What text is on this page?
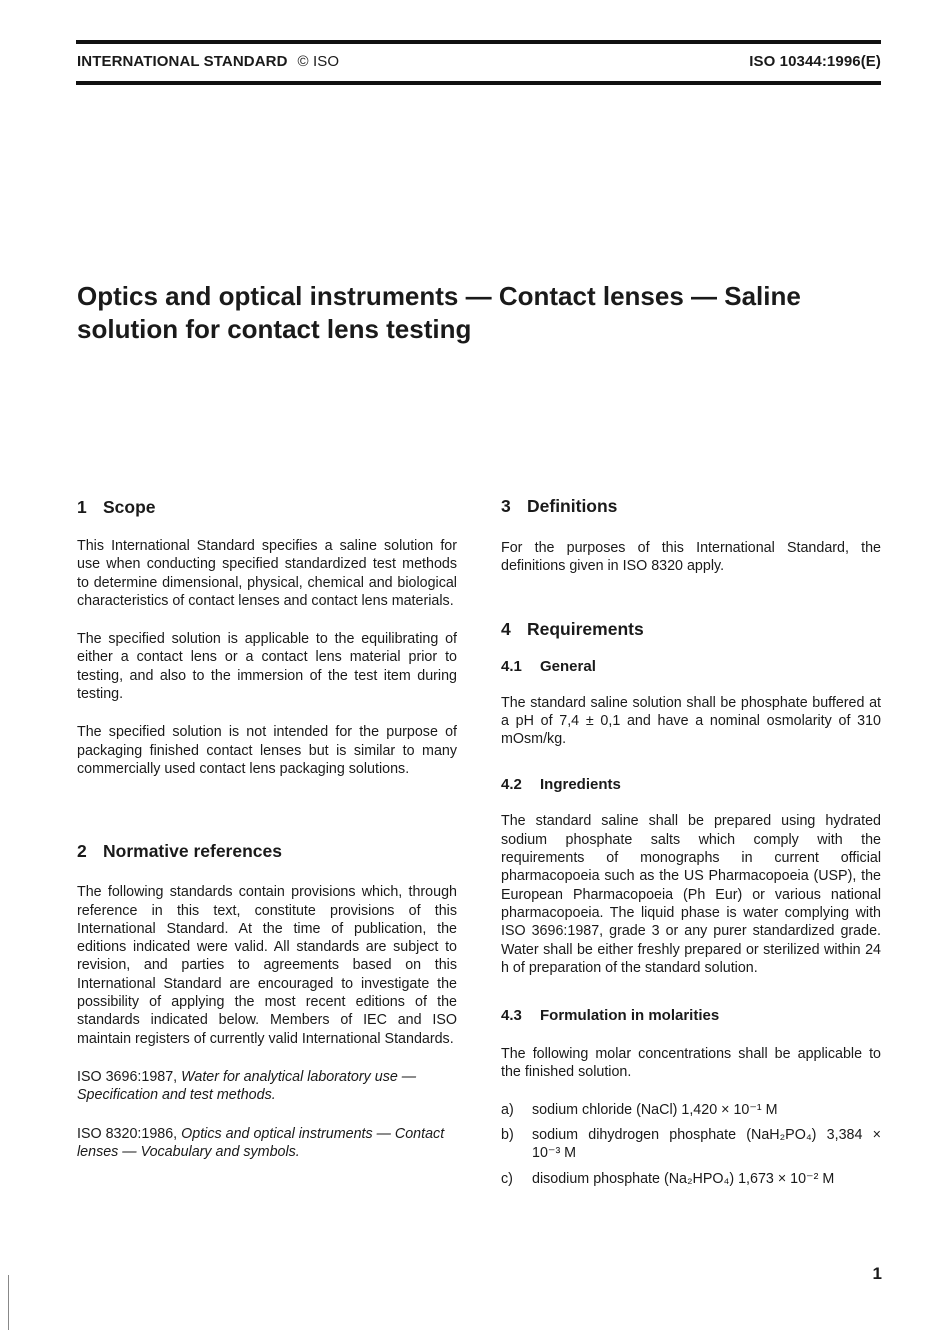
INTERNATIONAL STANDARD © ISO	ISO 10344:1996(E)
Optics and optical instruments — Contact lenses — Saline
solution for contact lens testing
1 Scope

This International Standard specifies a saline solution for use when conducting specified standardized test methods to determine dimensional, physical, chemical and biological characteristics of contact lenses and contact lens materials.

The specified solution is applicable to the equilibrating of either a contact lens or a contact lens material prior to testing, and also to the immersion of the test item during testing.

The specified solution is not intended for the purpose of packaging finished contact lenses but is similar to many commercially used contact lens packaging solutions.

2 Normative references

The following standards contain provisions which, through reference in this text, constitute provisions of this International Standard. At the time of publication, the editions indicated were valid. All standards are subject to revision, and parties to agreements based on this International Standard are encouraged to investigate the possibility of applying the most recent editions of the standards indicated below. Members of IEC and ISO maintain registers of currently valid International Standards.

ISO 3696:1987, Water for analytical laboratory use — Specification and test methods.

ISO 8320:1986, Optics and optical instruments — Contact lenses — Vocabulary and symbols.

3 Definitions

For the purposes of this International Standard, the definitions given in ISO 8320 apply.

4 Requirements
4.1 General

The standard saline solution shall be phosphate buffered at a pH of 7,4 ± 0,1 and have a nominal osmolarity of 310 mOsm/kg.

4.2 Ingredients

The standard saline shall be prepared using hydrated sodium phosphate salts which comply with the requirements of monographs in current official pharmacopoeia such as the US Pharmacopoeia (USP), the European Pharmacopoeia (Ph Eur) or various national pharmacopoeia. The liquid phase is water complying with ISO 3696:1987, grade 3 or any purer standardized grade. Water shall be either freshly prepared or sterilized within 24 h of preparation of the standard solution.

4.3 Formulation in molarities

The following molar concentrations shall be applicable to the finished solution.

a)	sodium chloride (NaCl) 1,420 × 10⁻¹ M
b)	sodium dihydrogen phosphate (NaH₂PO₄) 3,384 × 10⁻³ M
c)	disodium phosphate (Na₂HPO₄) 1,673 × 10⁻² M
1
